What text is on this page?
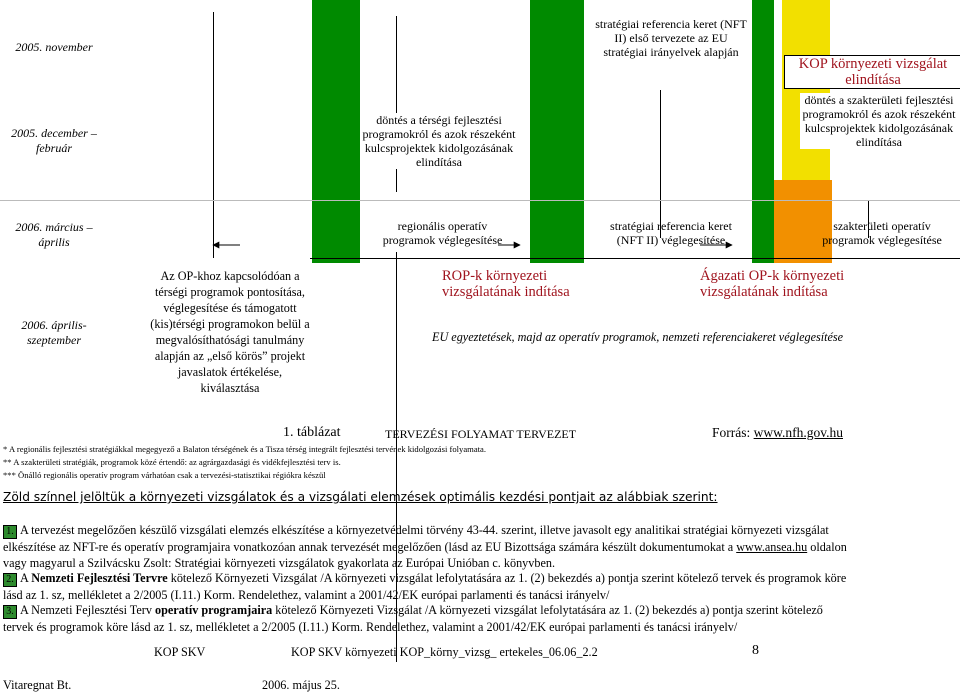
2005. november
2005. december – február
2006. március – április
2006. április- szeptember
stratégiai referencia keret (NFT II) első tervezete az EU stratégiai irányelvek alapján
KOP környezeti vizsgálat elindítása
döntés a térségi fejlesztési programokról és azok részeként kulcsprojektek kidolgozásának elindítása
döntés a szakterületi fejlesztési programokról és azok részeként kulcsprojektek kidolgozásának elindítása
regionális operatív programok véglegesítése
stratégiai referencia keret (NFT II) véglegesítése
szakterületi operatív programok véglegesítése
Az OP-khoz kapcsolódóan a térségi programok pontosítása, véglegesítése és támogatott (kis)térségi programokon belül a megvalósíthatósági tanulmány alapján az „első körös” projekt javaslatok értékelése, kiválasztása
ROP-k környezeti vizsgálatának indítása
Ágazati OP-k környezeti vizsgálatának indítása
EU egyeztetések, majd az operatív programok, nemzeti referenciakeret véglegesítése
1. táblázat	TERVEZÉSI FOLYAMAT TERVEZET	Forrás: www.nfh.gov.hu
* A regionális fejlesztési stratégiákkal megegyező a Balaton térségének és a Tisza térség integrált fejlesztési tervének kidolgozási folyamata.
** A szakterületi stratégiák, programok közé értendő: az agrárgazdasági és vidékfejlesztési terv is.
*** Önálló regionális operatív program várhatóan csak a tervezési-statisztikai régiókra készül
Zöld színnel jelöltük a környezeti vizsgálatok és a vizsgálati elemzések optimális kezdési pontjait az alábbiak szerint:
1. A tervezést megelőzően készülő vizsgálati elemzés elkészítése a környezetvédelmi törvény 43-44. szerint, illetve javasolt egy analitikai stratégiai környezeti vizsgálat
elkészítése az NFT-re és operatív programjaira vonatkozóan annak tervezését megelőzően (lásd az EU Bizottsága számára készült dokumentumokat a www.ansea.hu oldalon
vagy magyarul a Szilvácsku Zsolt: Stratégiai környezeti vizsgálatok gyakorlata az Európai Unióban c. könyvben.
2. A Nemzeti Fejlesztési Tervre kötelező Környezeti Vizsgálat /A környezeti vizsgálat lefolytatására az 1. (2) bekezdés a) pontja szerint kötelező tervek és programok köre
lásd az 1. sz, mellékletet a 2/2005 (I.11.) Korm. Rendelethez, valamint a 2001/42/EK európai parlamenti és tanácsi irányelv/
3. A Nemzeti Fejlesztési Terv operatív programjaira kötelező Környezeti Vizsgálat /A környezeti vizsgálat lefolytatására az 1. (2) bekezdés a) pontja szerint kötelező
tervek és programok köre lásd az 1. sz, mellékletet a 2/2005 (I.11.) Korm. Rendelethez, valamint a 2001/42/EK európai parlamenti és tanácsi irányelv/
KOP SKV	KOP SKV környezeti KOP_körny_vizsg_ ertekeles_06.06_2.2	8
Vitaregnat Bt.	2006. május 25.
